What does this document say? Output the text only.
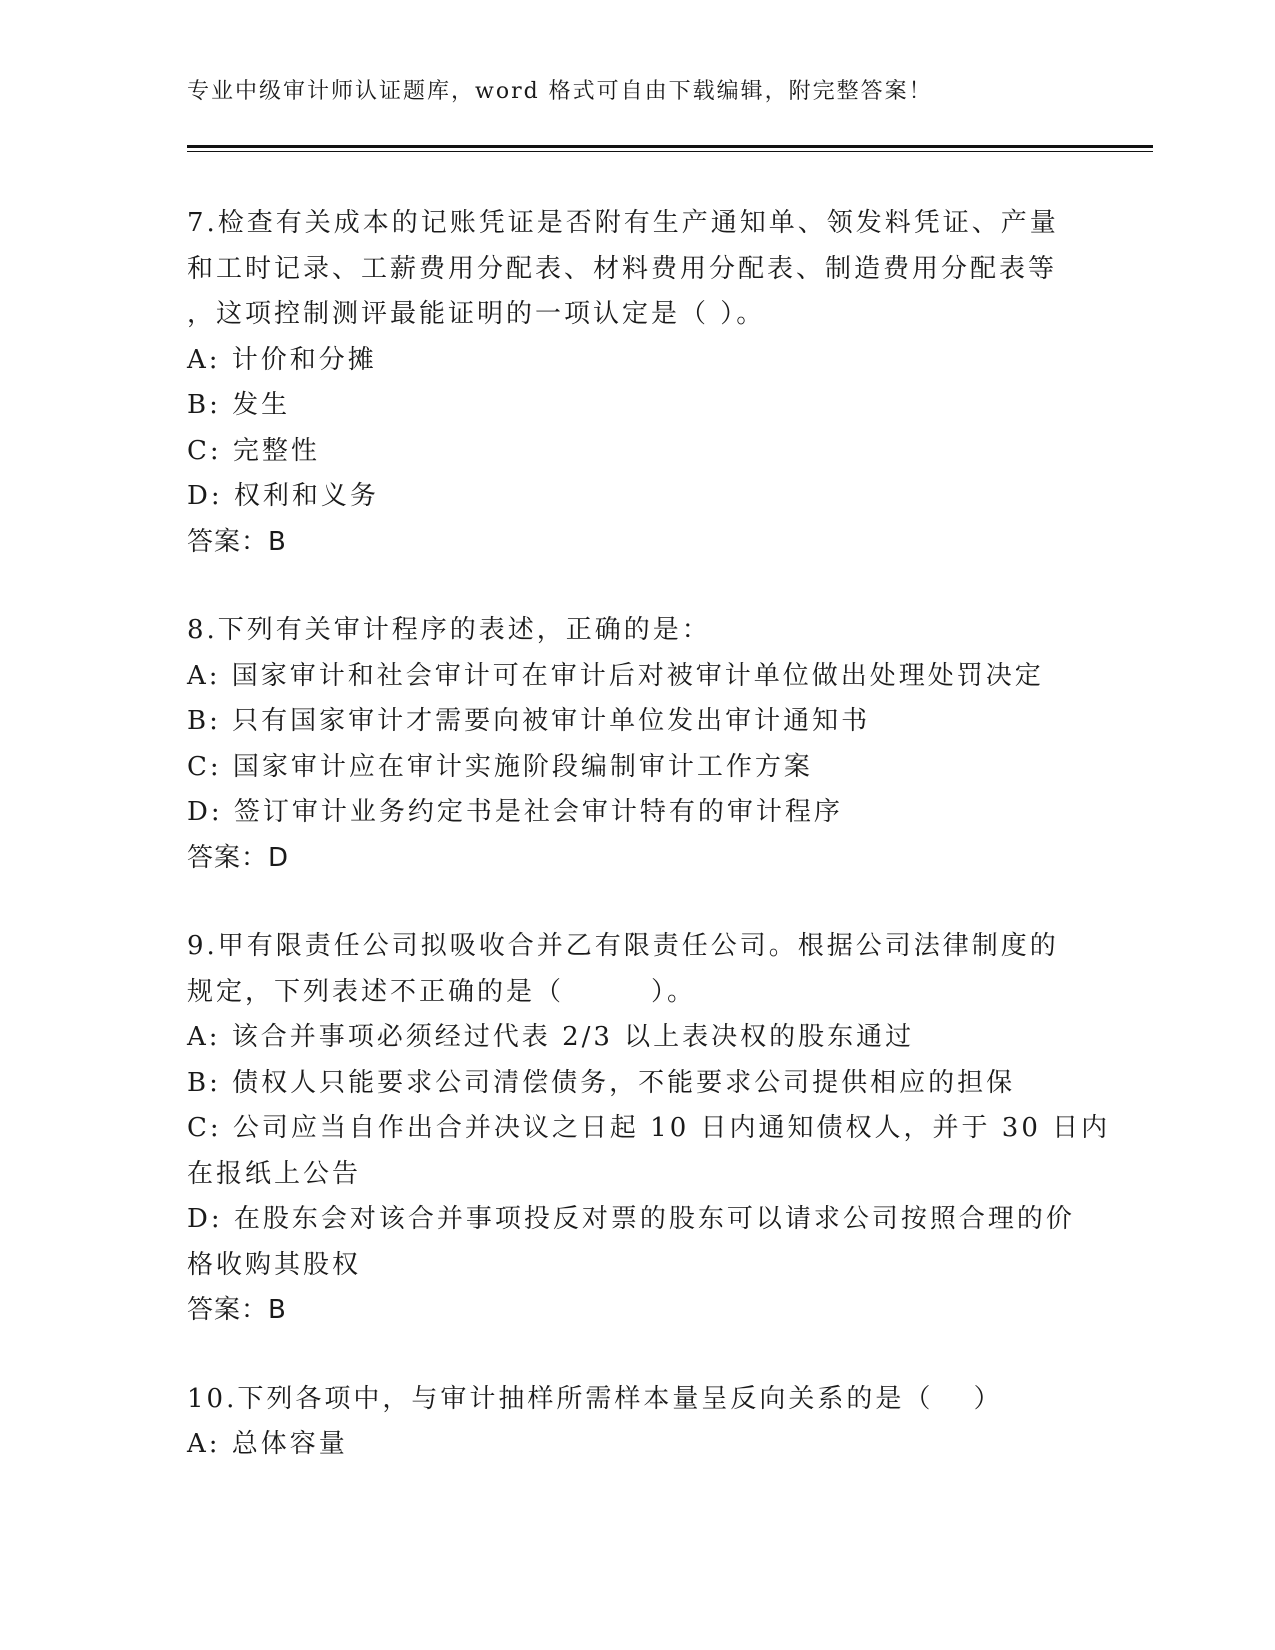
专业中级审计师认证题库，word 格式可自由下载编辑，附完整答案！
7.检查有关成本的记账凭证是否附有生产通知单、领发料凭证、产量
和工时记录、工薪费用分配表、材料费用分配表、制造费用分配表等
，这项控制测评最能证明的一项认定是（ ）。
A: 计价和分摊
B: 发生
C: 完整性
D: 权利和义务
答案：B
8.下列有关审计程序的表述，正确的是：
A: 国家审计和社会审计可在审计后对被审计单位做出处理处罚决定
B: 只有国家审计才需要向被审计单位发出审计通知书
C: 国家审计应在审计实施阶段编制审计工作方案
D: 签订审计业务约定书是社会审计特有的审计程序
答案：D
9.甲有限责任公司拟吸收合并乙有限责任公司。根据公司法律制度的
规定，下列表述不正确的是（　　　）。
A: 该合并事项必须经过代表 2/3 以上表决权的股东通过
B: 债权人只能要求公司清偿债务，不能要求公司提供相应的担保
C: 公司应当自作出合并决议之日起 10 日内通知债权人，并于 30 日内
在报纸上公告
D: 在股东会对该合并事项投反对票的股东可以请求公司按照合理的价
格收购其股权
答案：B
10.下列各项中，与审计抽样所需样本量呈反向关系的是（　 ）
A: 总体容量
